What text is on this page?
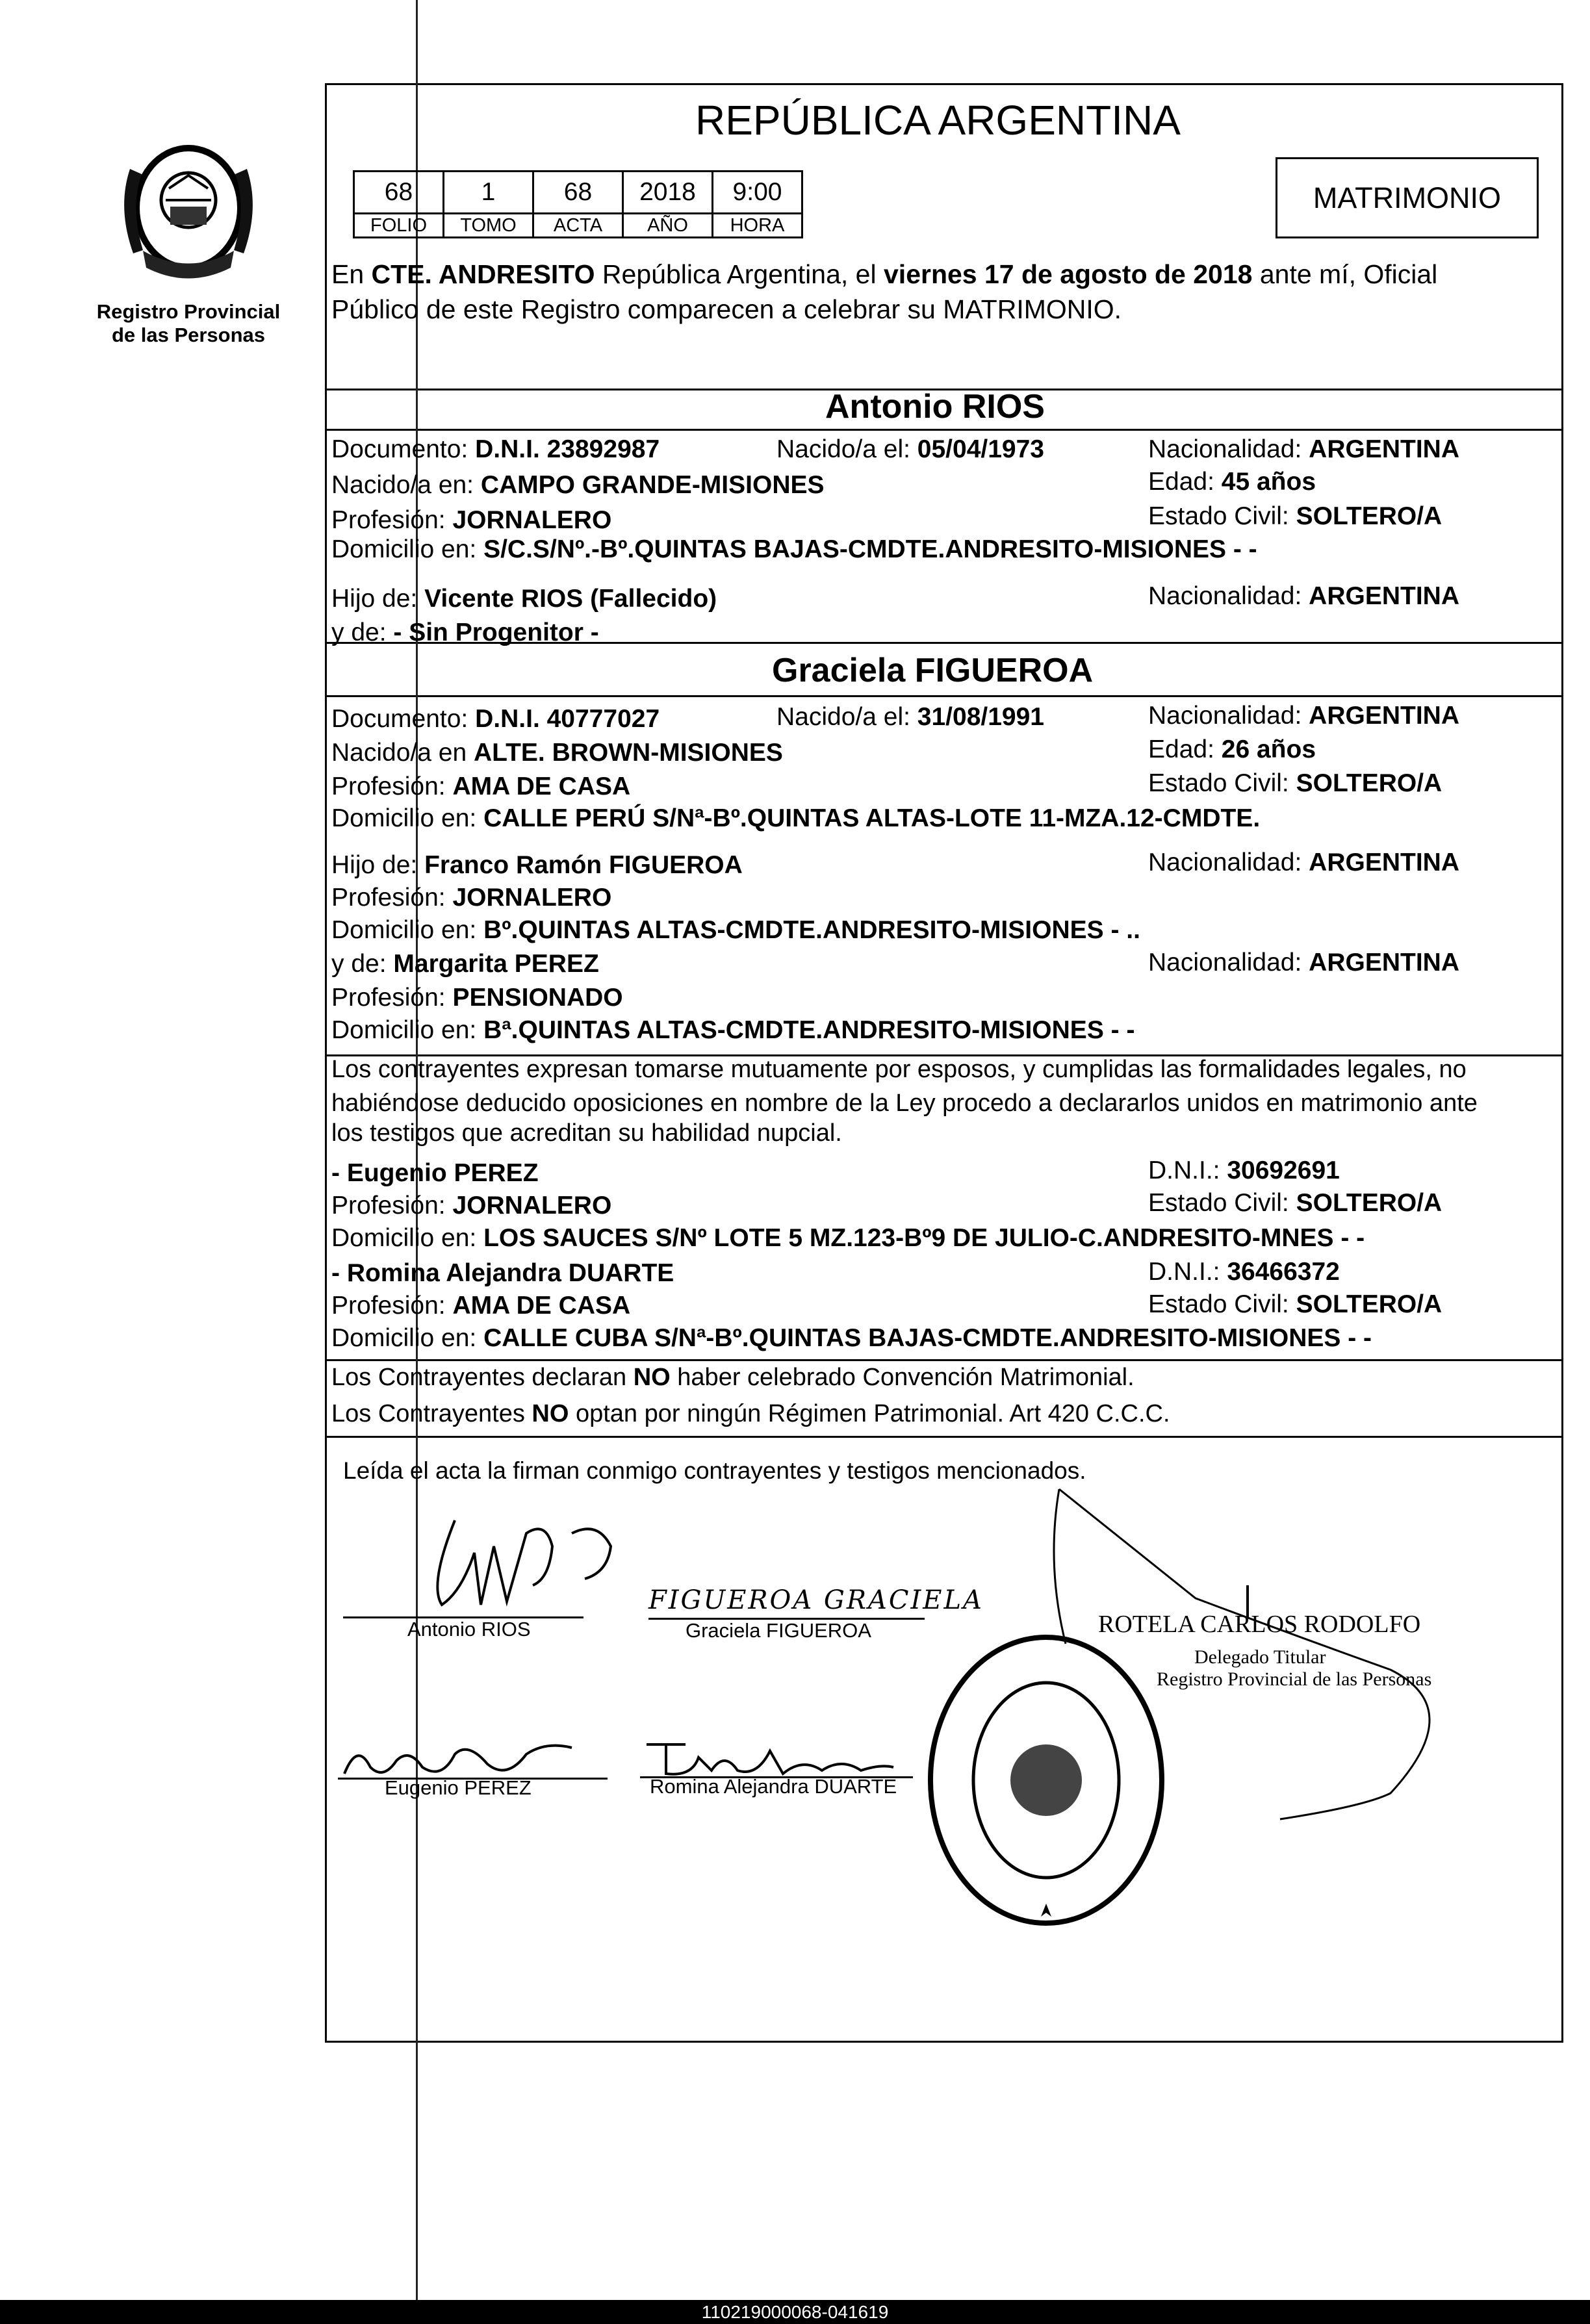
Registro Provincial
de las Personas
REPÚBLICA ARGENTINA
68	1	68	2018	9:00
FOLIO	TOMO	ACTA	AÑO	HORA
MATRIMONIO
En CTE. ANDRESITO República Argentina, el viernes 17 de agosto de 2018 ante mí, Oficial
Público de este Registro comparecen a celebrar su MATRIMONIO.
Antonio RIOS
Documento: D.N.I. 23892987	Nacido/a el: 05/04/1973	Nacionalidad: ARGENTINA
Nacido/a en: CAMPO GRANDE-MISIONES	Edad: 45 años
Profesión: JORNALERO	Estado Civil: SOLTERO/A
Domicilio en: S/C.S/Nº.-Bº.QUINTAS BAJAS-CMDTE.ANDRESITO-MISIONES - -
Hijo de: Vicente RIOS (Fallecido)	Nacionalidad: ARGENTINA
y de: - Sin Progenitor -
Graciela FIGUEROA
Documento: D.N.I. 40777027	Nacido/a el: 31/08/1991	Nacionalidad: ARGENTINA
Nacido/a en ALTE. BROWN-MISIONES	Edad: 26 años
Profesión: AMA DE CASA	Estado Civil: SOLTERO/A
Domicilio en: CALLE PERÚ S/Nª-Bº.QUINTAS ALTAS-LOTE 11-MZA.12-CMDTE.
Hijo de: Franco Ramón FIGUEROA	Nacionalidad: ARGENTINA
Profesión: JORNALERO
Domicilio en: Bº.QUINTAS ALTAS-CMDTE.ANDRESITO-MISIONES - ..
y de: Margarita PEREZ	Nacionalidad: ARGENTINA
Profesión: PENSIONADO
Domicilio en: Bª.QUINTAS ALTAS-CMDTE.ANDRESITO-MISIONES - -
Los contrayentes expresan tomarse mutuamente por esposos, y cumplidas las formalidades legales, no
habiéndose deducido oposiciones en nombre de la Ley procedo a declararlos unidos en matrimonio ante
los testigos que acreditan su habilidad nupcial.
- Eugenio PEREZ	D.N.I.: 30692691
Profesión: JORNALERO	Estado Civil: SOLTERO/A
Domicilio en: LOS SAUCES S/Nº LOTE 5 MZ.123-Bº9 DE JULIO-C.ANDRESITO-MNES - -
- Romina Alejandra DUARTE	D.N.I.: 36466372
Profesión: AMA DE CASA	Estado Civil: SOLTERO/A
Domicilio en: CALLE CUBA S/Nª-Bº.QUINTAS BAJAS-CMDTE.ANDRESITO-MISIONES - -
Los Contrayentes declaran NO haber celebrado Convención Matrimonial.
Los Contrayentes NO optan por ningún Régimen Patrimonial. Art 420 C.C.C.
Leída el acta la firman conmigo contrayentes y testigos mencionados.
Antonio RIOS
FIGUEROA GRACIELA
Graciela FIGUEROA
Eugenio PEREZ	Romina Alejandra DUARTE
ROTELA CARLOS RODOLFO
Delegado Titular
Registro Provincial de las Personas
110219000068-041619
